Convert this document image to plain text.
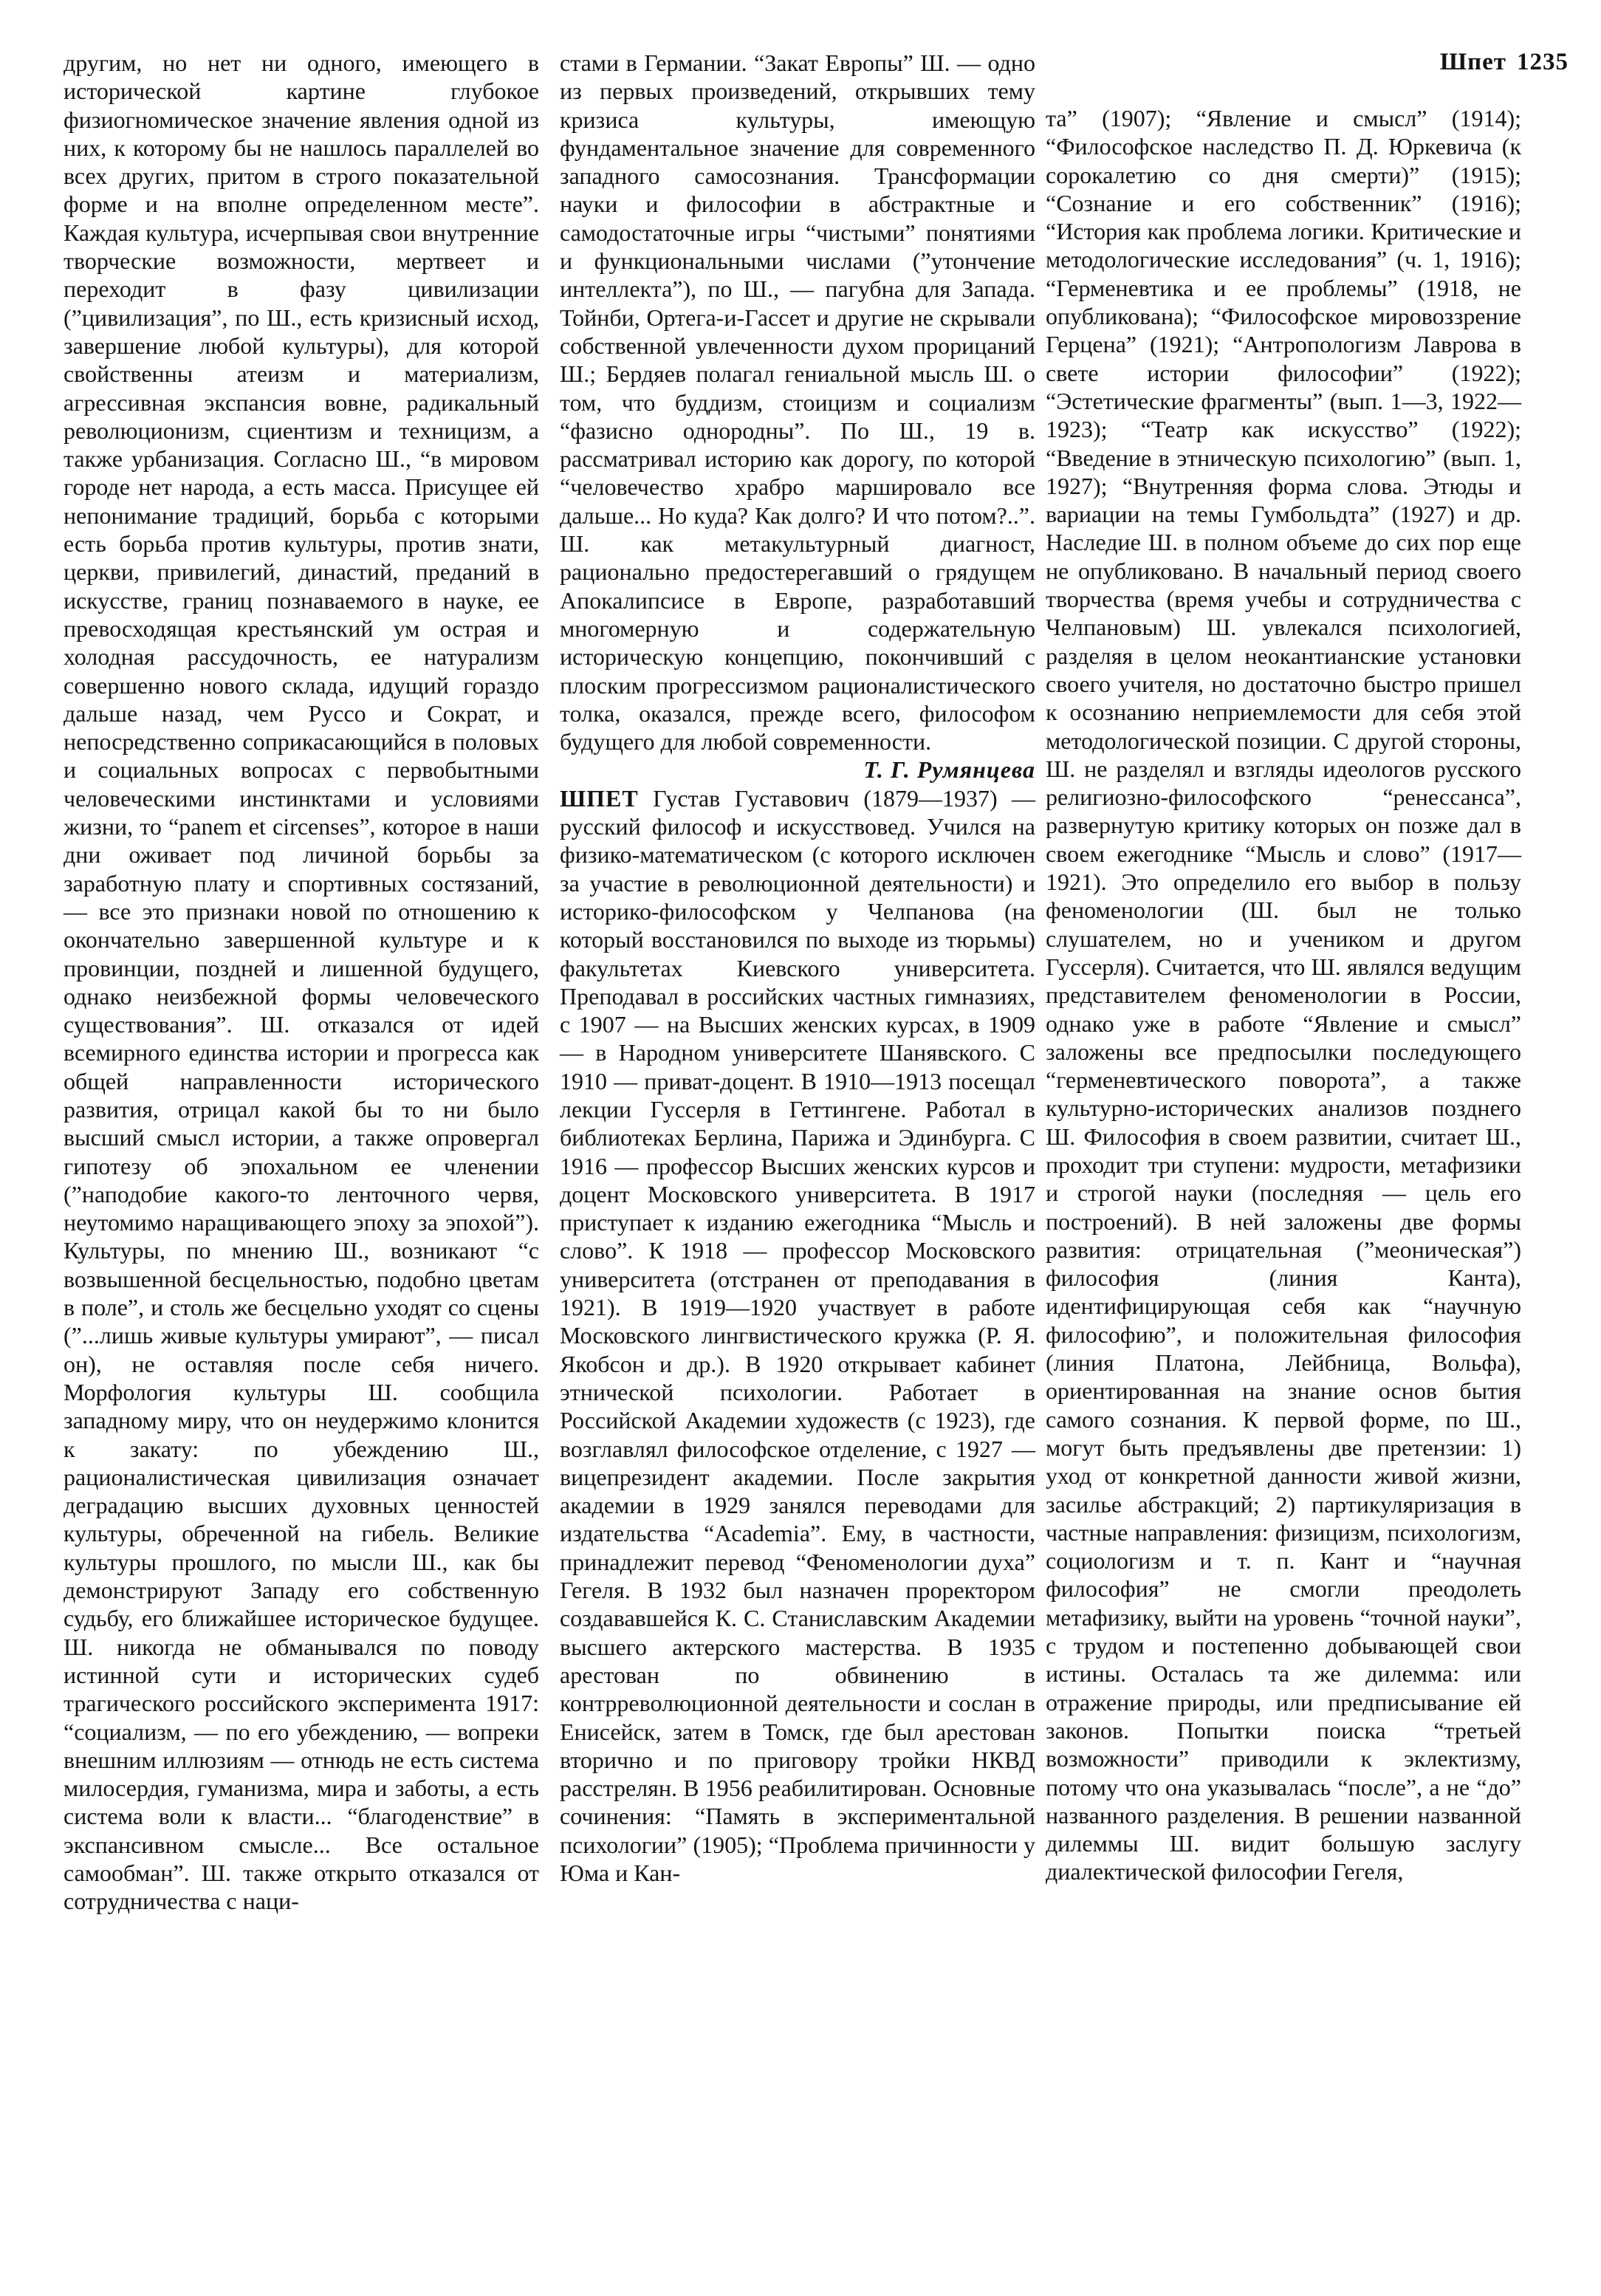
Шпет 1235

другим, но нет ни одного, имеющего в исторической картине глубокое физиогномическое значение явления одной из них, к которому бы не нашлось параллелей во всех других, притом в строго показательной форме и на вполне определенном месте”. Каждая культура, исчерпывая свои внутренние творческие возможности, мертвеет и переходит в фазу цивилизации (”цивилизация”, по Ш., есть кризисный исход, завершение любой культуры), для которой свойственны атеизм и материализм, агрессивная экспансия вовне, радикальный революционизм, сциентизм и техницизм, а также урбанизация. Согласно Ш., “в мировом городе нет народа, а есть масса. Присущее ей непонимание традиций, борьба с которыми есть борьба против культуры, против знати, церкви, привилегий, династий, преданий в искусстве, границ познаваемого в науке, ее превосходящая крестьянский ум острая и холодная рассудочность, ее натурализм совершенно нового склада, идущий гораздо дальше назад, чем Руссо и Сократ, и непосредственно соприкасающийся в половых и социальных вопросах с первобытными человеческими инстинктами и условиями жизни, то “panem et circenses”, которое в наши дни оживает под личиной борьбы за заработную плату и спортивных состязаний, — все это признаки новой по отношению к окончательно завершенной культуре и к провинции, поздней и лишенной будущего, однако неизбежной формы человеческого существования”. Ш. отказался от идей всемирного единства истории и прогресса как общей направленности исторического развития, отрицал какой бы то ни было высший смысл истории, а также опровергал гипотезу об эпохальном ее членении (”наподобие какого-то ленточного червя, неутомимо наращивающего эпоху за эпохой”). Культуры, по мнению Ш., возникают “с возвышенной бесцельностью, подобно цветам в поле”, и столь же бесцельно уходят со сцены (”...лишь живые культуры умирают”, — писал он), не оставляя после себя ничего. Морфология культуры Ш. сообщила западному миру, что он неудержимо клонится к закату: по убеждению Ш., рационалистическая цивилизация означает деградацию высших духовных ценностей культуры, обреченной на гибель. Великие культуры прошлого, по мысли Ш., как бы демонстрируют Западу его собственную судьбу, его ближайшее историческое будущее. Ш. никогда не обманывался по поводу истинной сути и исторических судеб трагического российского эксперимента 1917: “социализм, — по его убеждению, — вопреки внешним иллюзиям — отнюдь не есть система милосердия, гуманизма, мира и заботы, а есть система воли к власти... “благоденствие” в экспансивном смысле... Все остальное самообман”. Ш. также открыто отказался от сотрудничества с наци-

стами в Германии. “Закат Европы” Ш. — одно из первых произведений, открывших тему кризиса культуры, имеющую фундаментальное значение для современного западного самосознания. Трансформации науки и философии в абстрактные и самодостаточные игры “чистыми” понятиями и функциональными числами (”утончение интеллекта”), по Ш., — пагубна для Запада. Тойнби, Ортега-и-Гассет и другие не скрывали собственной увлеченности духом прорицаний Ш.; Бердяев полагал гениальной мысль Ш. о том, что буддизм, стоицизм и социализм “фазисно однородны”. По Ш., 19 в. рассматривал историю как дорогу, по которой “человечество храбро маршировало все дальше... Но куда? Как долго? И что потом?..”. Ш. как метакультурный диагност, рационально предостерегавший о грядущем Апокалипсисе в Европе, разработавший многомерную и содержательную историческую концепцию, покончивший с плоским прогрессизмом рационалистического толка, оказался, прежде всего, философом будущего для любой современности.

Т. Г. Румянцева

ШПЕТ Густав Густавович (1879—1937) — русский философ и искусствовед. Учился на физико-математическом (с которого исключен за участие в революционной деятельности) и историко-философском у Челпанова (на который восстановился по выходе из тюрьмы) факультетах Киевского университета. Преподавал в российских частных гимназиях, с 1907 — на Высших женских курсах, в 1909 — в Народном университете Шанявского. С 1910 — приват-доцент. В 1910—1913 посещал лекции Гуссерля в Геттингене. Работал в библиотеках Берлина, Парижа и Эдинбурга. С 1916 — профессор Высших женских курсов и доцент Московского университета. В 1917 приступает к изданию ежегодника “Мысль и слово”. К 1918 — профессор Московского университета (отстранен от преподавания в 1921). В 1919—1920 участвует в работе Московского лингвистического кружка (Р. Я. Якобсон и др.). В 1920 открывает кабинет этнической психологии. Работает в Российской Академии художеств (с 1923), где возглавлял философское отделение, с 1927 — вицепрезидент академии. После закрытия академии в 1929 занялся переводами для издательства “Academia”. Ему, в частности, принадлежит перевод “Феноменологии духа” Гегеля. В 1932 был назначен проректором создававшейся К. С. Станиславским Академии высшего актерского мастерства. В 1935 арестован по обвинению в контрреволюционной деятельности и сослан в Енисейск, затем в Томск, где был арестован вторично и по приговору тройки НКВД расстрелян. В 1956 реабилитирован. Основные сочинения: “Память в экспериментальной психологии” (1905); “Проблема причинности у Юма и Кан-

та” (1907); “Явление и смысл” (1914); “Философское наследство П. Д. Юркевича (к сорокалетию со дня смерти)” (1915); “Сознание и его собственник” (1916); “История как проблема логики. Критические и методологические исследования” (ч. 1, 1916); “Герменевтика и ее проблемы” (1918, не опубликована); “Философское мировоззрение Герцена” (1921); “Антропологизм Лаврова в свете истории философии” (1922); “Эстетические фрагменты” (вып. 1—3, 1922—1923); “Театр как искусство” (1922); “Введение в этническую психологию” (вып. 1, 1927); “Внутренняя форма слова. Этюды и вариации на темы Гумбольдта” (1927) и др. Наследие Ш. в полном объеме до сих пор еще не опубликовано. В начальный период своего творчества (время учебы и сотрудничества с Челпановым) Ш. увлекался психологией, разделяя в целом неокантианские установки своего учителя, но достаточно быстро пришел к осознанию неприемлемости для себя этой методологической позиции. С другой стороны, Ш. не разделял и взгляды идеологов русского религиозно-философского “ренессанса”, развернутую критику которых он позже дал в своем ежегоднике “Мысль и слово” (1917—1921). Это определило его выбор в пользу феноменологии (Ш. был не только слушателем, но и учеником и другом Гуссерля). Считается, что Ш. являлся ведущим представителем феноменологии в России, однако уже в работе “Явление и смысл” заложены все предпосылки последующего “герменевтического поворота”, а также культурно-исторических анализов позднего Ш. Философия в своем развитии, считает Ш., проходит три ступени: мудрости, метафизики и строгой науки (последняя — цель его построений). В ней заложены две формы развития: отрицательная (”меоническая”) философия (линия Канта), идентифицирующая себя как “научную философию”, и положительная философия (линия Платона, Лейбница, Вольфа), ориентированная на знание основ бытия самого сознания. К первой форме, по Ш., могут быть предъявлены две претензии: 1) уход от конкретной данности живой жизни, засилье абстракций; 2) партикуляризация в частные направления: физицизм, психологизм, социологизм и т. п. Кант и “научная философия” не смогли преодолеть метафизику, выйти на уровень “точной науки”, с трудом и постепенно добывающей свои истины. Осталась та же дилемма: или отражение природы, или предписывание ей законов. Попытки поиска “третьей возможности” приводили к эклектизму, потому что она указывалась “после”, а не “до” названного разделения. В решении названной дилеммы Ш. видит большую заслугу диалектической философии Гегеля,
